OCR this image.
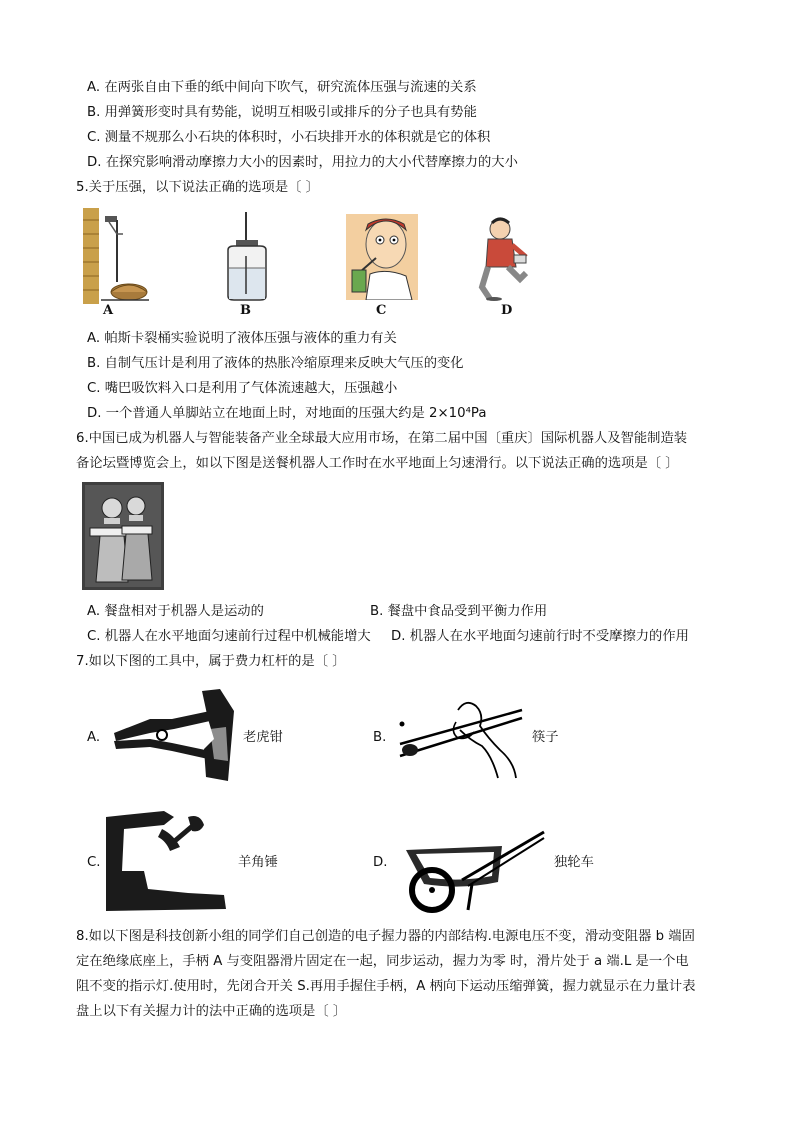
A. 在两张自由下垂的纸中间向下吹气，研究流体压强与流速的关系
B. 用弹簧形变时具有势能，说明互相吸引或排斥的分子也具有势能
C. 测量不规那么小石块的体积时，小石块排开水的体积就是它的体积
D. 在探究影响滑动摩擦力大小的因素时，用拉力的大小代替摩擦力的大小
5.关于压强，以下说法正确的选项是〔 〕
A	B	C	D
A. 帕斯卡裂桶实验说明了液体压强与液体的重力有关
B. 自制气压计是利用了液体的热胀冷缩原理来反映大气压的变化
C. 嘴巴吸饮料入口是利用了气体流速越大，压强越小
D. 一个普通人单脚站立在地面上时，对地面的压强大约是 2×10⁴Pa
6.中国已成为机器人与智能装备产业全球最大应用市场，在第二届中国〔重庆〕国际机器人及智能制造装
备论坛暨博览会上，如以下图是送餐机器人工作时在水平地面上匀速滑行。以下说法正确的选项是〔 〕
A. 餐盘相对于机器人是运动的	B. 餐盘中食品受到平衡力作用
C. 机器人在水平地面匀速前行过程中机械能增大 D. 机器人在水平地面匀速前行时不受摩擦力的作用
7.如以下图的工具中，属于费力杠杆的是〔 〕
A.	老虎钳	B.	筷子
C.	羊角锤	D.	独轮车
8.如以下图是科技创新小组的同学们自己创造的电子握力器的内部结构.电源电压不变，滑动变阻器 b 端固
定在绝缘底座上，手柄 A 与变阻器滑片固定在一起，同步运动，握力为零 时，滑片处于 a 端.L 是一个电
阻不变的指示灯.使用时，先闭合开关 S.再用手握住手柄，A 柄向下运动压缩弹簧，握力就显示在力量计表
盘上以下有关握力计的法中正确的选项是〔 〕
